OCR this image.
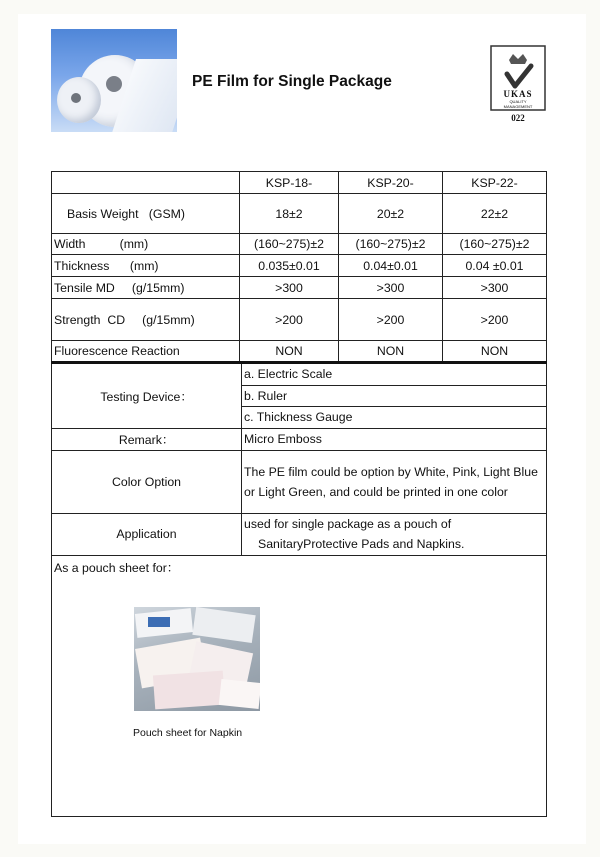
PE Film for Single Package
UKAS
QUALITY
MANAGEMENT
022
	KSP-18-	KSP-20-	KSP-22-
Basis Weight   (GSM)	18±2	20±2	22±2
Width          (mm)	(160~275)±2	(160~275)±2	(160~275)±2
Thickness      (mm)	0.035±0.01	0.04±0.01	0.04 ±0.01
Tensile MD     (g/15mm)	>300	>300	>300
Strength  CD     (g/15mm)	>200	>200	>200
Fluorescence Reaction	NON	NON	NON
Testing Device：	a. Electric Scale
	b. Ruler
	c. Thickness Gauge
Remark：	Micro Emboss
Color Option	The PE film could be option by White, Pink, Light Blue or Light Green, and could be printed in one color
Application	used for single package as a pouch of
SanitaryProtective Pads and Napkins.

As a pouch sheet for：	
Pouch sheet for Napkin
